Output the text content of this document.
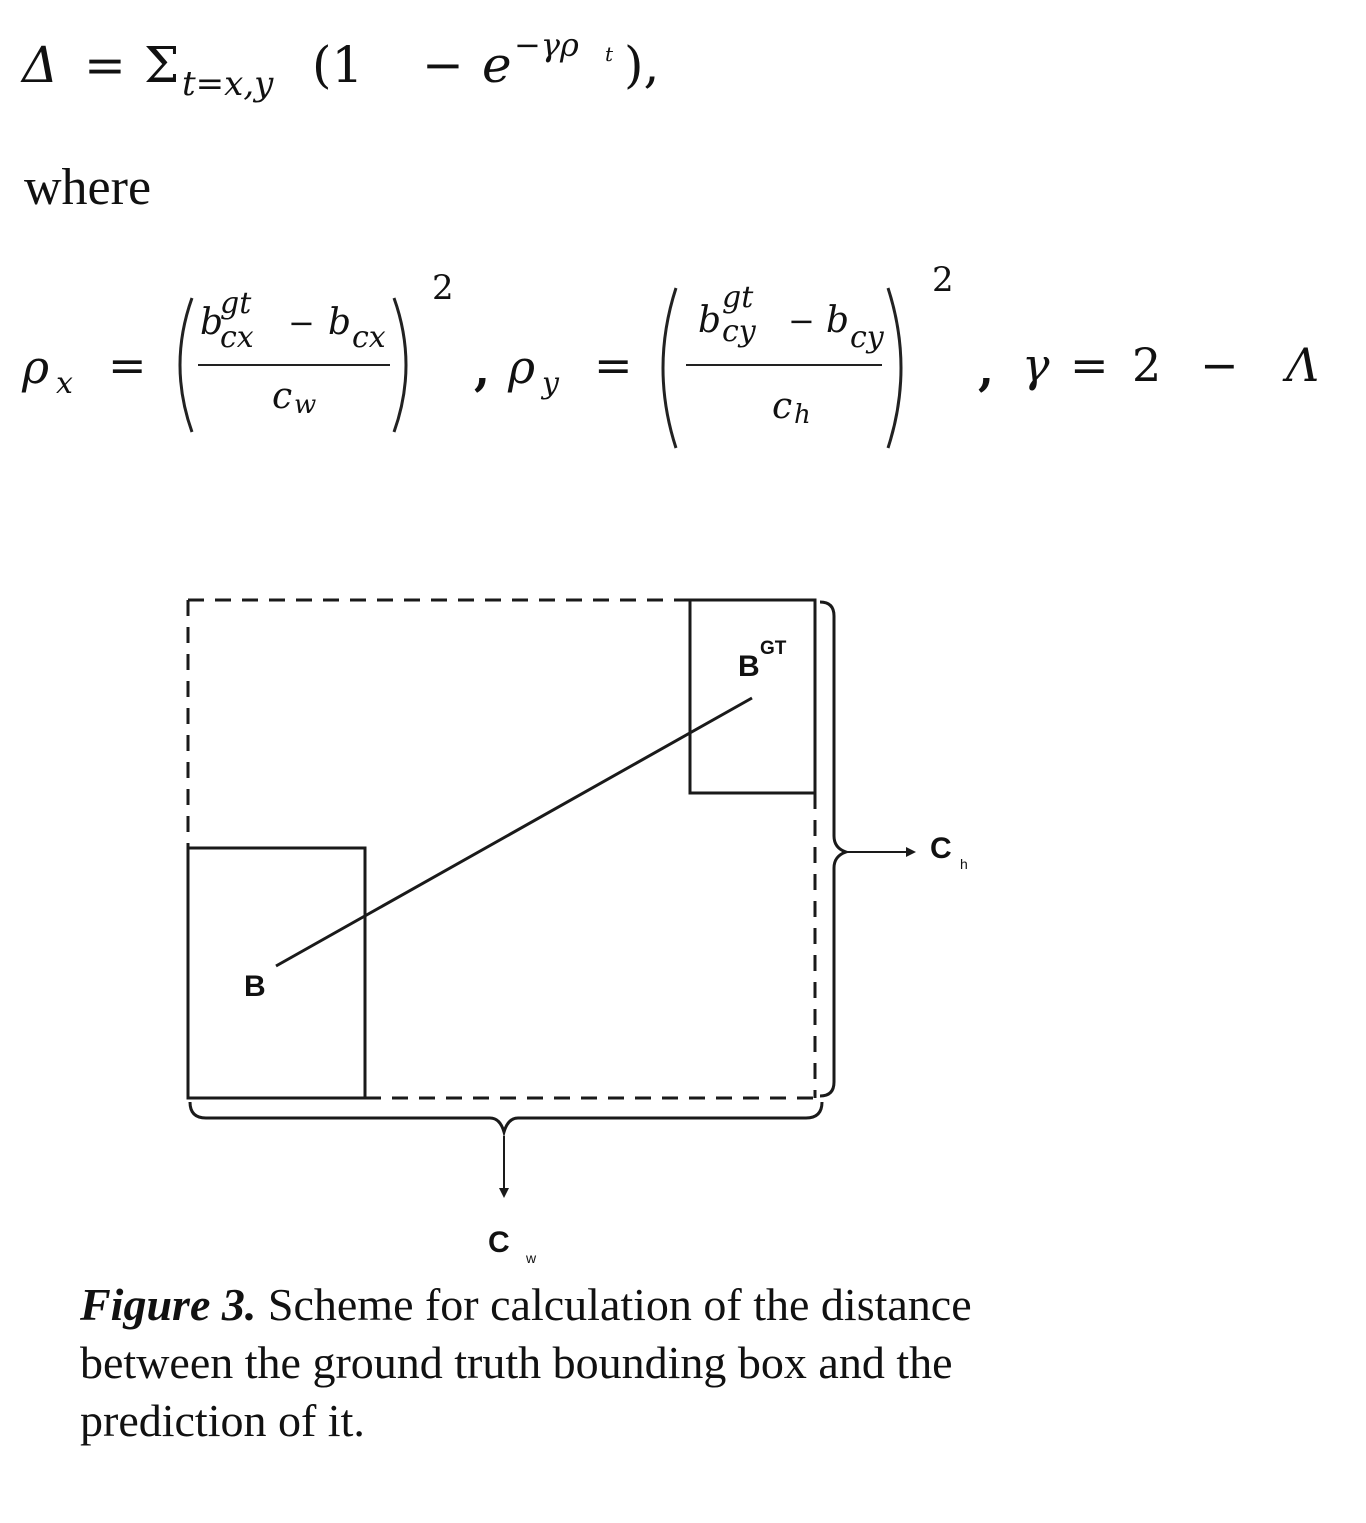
Δ = Σ t=x,y (1 − e −γρ t ),
where
ρ x =
b
gt
cx − b cx
c w
2
, ρ y =
b
gt
cy − b cy
c h
2
, γ = 2 − Λ
B
B
GT
C h
C w
Figure 3. Scheme for calculation of the distance between the ground truth bounding box and the prediction of it.
